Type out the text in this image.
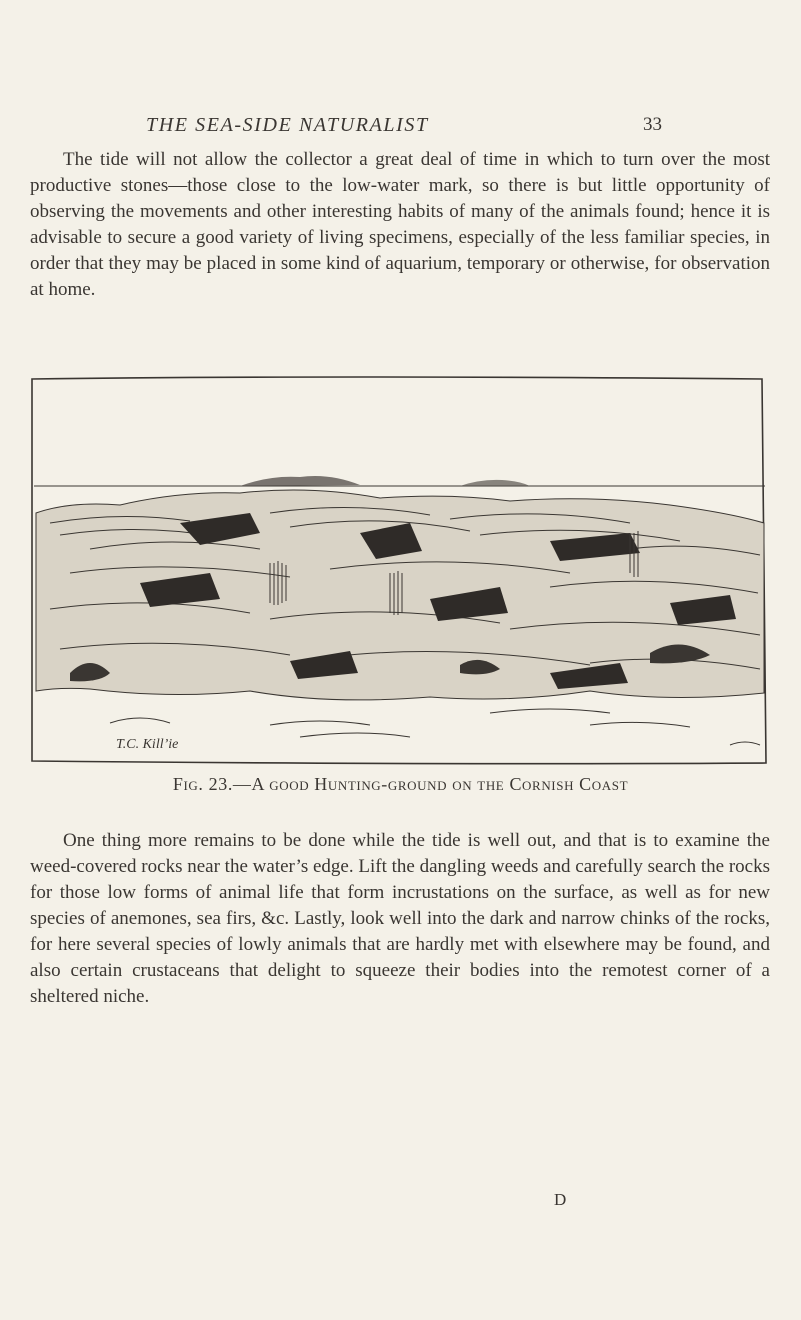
THE SEA-SIDE NATURALIST	33

The tide will not allow the collector a great deal of time in which to turn over the most productive stones—those close to the low-water mark, so there is but little opportunity of observing the movements and other interesting habits of many of the animals found; hence it is advisable to secure a good variety of living specimens, especially of the less familiar species, in order that they may be placed in some kind of aquarium, temporary or otherwise, for observation at home.

T.C. Kill’ie
Fig. 23.—A good Hunting-ground on the Cornish Coast

One thing more remains to be done while the tide is well out, and that is to examine the weed-covered rocks near the water’s edge. Lift the dangling weeds and carefully search the rocks for those low forms of animal life that form incrustations on the surface, as well as for new species of anemones, sea firs, &c. Lastly, look well into the dark and narrow chinks of the rocks, for here several species of lowly animals that are hardly met with elsewhere may be found, and also certain crustaceans that delight to squeeze their bodies into the remotest corner of a sheltered niche.

D
